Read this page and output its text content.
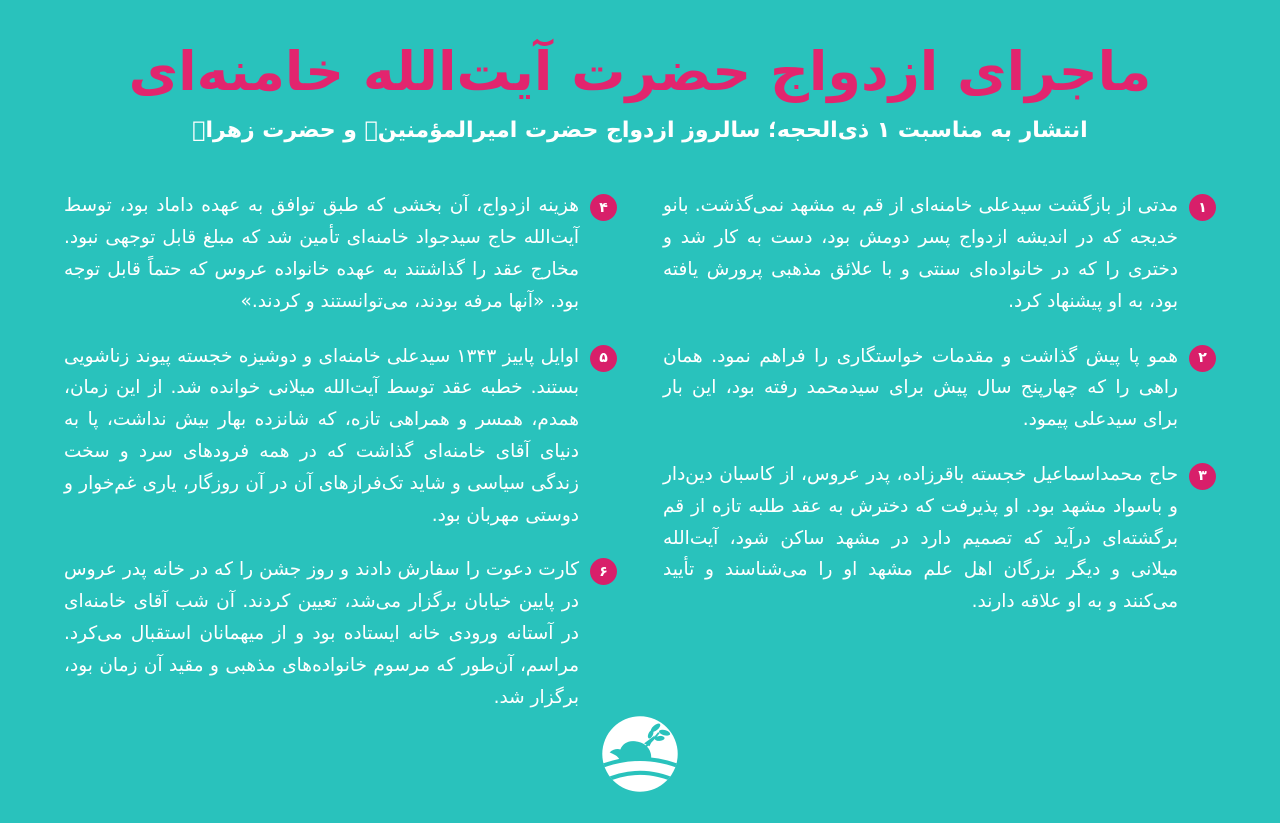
ماجرای ازدواج حضرت آیت‌الله خامنه‌ای

انتشار به مناسبت ۱ ذی‌الحجه؛ سالروز ازدواج حضرت امیرالمؤمنینؑ و حضرت زهراؑ

۱

مدتی از بازگشت سیدعلی خامنه‌ای از قم به مشهد نمی‌گذشت. بانو خدیجه که در اندیشه ازدواج پسر دومش بود، دست به کار شد و دختری را که در خانواده‌ای سنتی و با علائق مذهبی پرورش یافته بود، به او پیشنهاد کرد.

۲

همو پا پیش گذاشت و مقدمات خواستگاری را فراهم نمود. همان راهی را که چهارپنج سال پیش برای سیدمحمد رفته بود، این بار برای سیدعلی پیمود.

۳

حاج محمداسماعیل خجسته باقرزاده، پدر عروس، از کاسبان دین‌دار و باسواد مشهد بود. او پذیرفت که دخترش به عقد طلبه تازه از قم برگشته‌ای درآید که تصمیم دارد در مشهد ساکن شود، آیت‌الله میلانی و دیگر بزرگان اهل علم مشهد او را می‌شناسند و تأیید می‌کنند و به او علاقه دارند.

۴

هزینه ازدواج، آن بخشی که طبق توافق به عهده داماد بود، توسط آیت‌الله حاج سیدجواد خامنه‌ای تأمین شد که مبلغ قابل توجهی نبود. مخارج عقد را گذاشتند به عهده خانواده عروس که حتماً قابل توجه بود. «آنها مرفه بودند، می‌توانستند و کردند.»

۵

اوایل پاییز ۱۳۴۳ سیدعلی خامنه‌ای و دوشیزه خجسته پیوند زناشویی بستند. خطبه عقد توسط آیت‌الله میلانی خوانده شد. از این زمان، همدم، همسر و همراهی تازه، که شانزده بهار بیش نداشت، پا به دنیای آقای خامنه‌ای گذاشت که در همه فرودهای سرد و سخت زندگی سیاسی و شاید تک‌فرازهای آن در آن روزگار، یاری غم‌خوار و دوستی مهربان بود.

۶

کارت دعوت را سفارش دادند و روز جشن را که در خانه پدر عروس در پایین خیابان برگزار می‌شد، تعیین کردند. آن شب آقای خامنه‌ای در آستانه ورودی خانه ایستاده بود و از میهمانان استقبال می‌کرد. مراسم، آن‌طور که مرسوم خانواده‌های مذهبی و مقید آن زمان بود، برگزار شد.
